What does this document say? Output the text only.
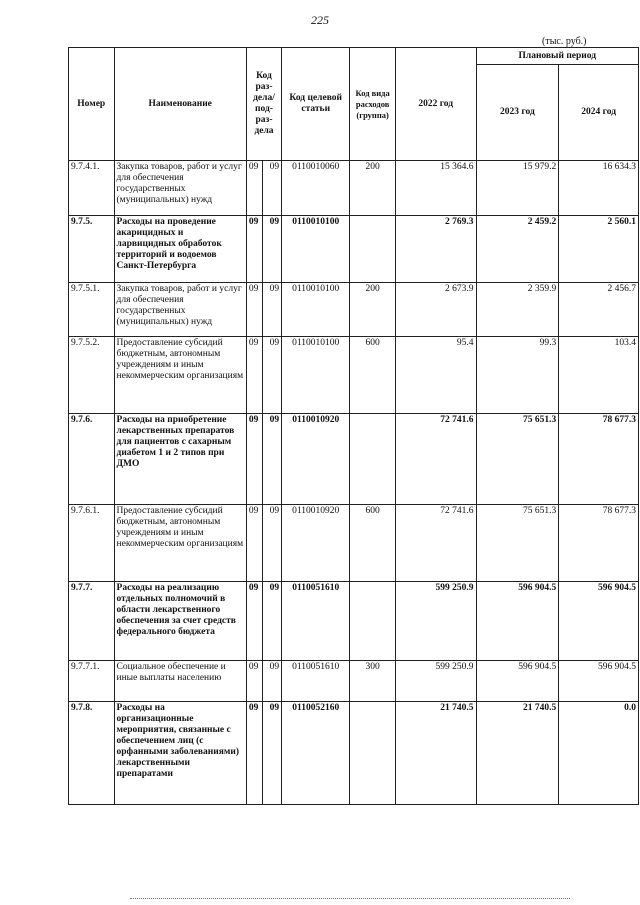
225
(тыс. руб.)
Номер	Наименование	Код раз-дела/ под-раз-дела		Код целевой статьи	Код вида расходов (группа)	2022 год	Плановый период	
							2023 год	2024 год
9.7.4.1.	Закупка товаров, работ и услуг для обеспечения государственных (муниципальных) нужд	09	09	0110010060	200	15 364.6	15 979.2	16 634.3
9.7.5.	Расходы на проведение акарицидных и ларвицидных обработок территорий и водоемов Санкт-Петербурга	09	09	0110010100		2 769.3	2 459.2	2 560.1
9.7.5.1.	Закупка товаров, работ и услуг для обеспечения государственных (муниципальных) нужд	09	09	0110010100	200	2 673.9	2 359.9	2 456.7
9.7.5.2.	Предоставление субсидий бюджетным, автономным учреждениям и иным некоммерческим организациям	09	09	0110010100	600	95.4	99.3	103.4
9.7.6.	Расходы на приобретение лекарственных препаратов для пациентов с сахарным диабетом 1 и 2 типов при ДМО	09	09	0110010920		72 741.6	75 651.3	78 677.3
9.7.6.1.	Предоставление субсидий бюджетным, автономным учреждениям и иным некоммерческим организациям	09	09	0110010920	600	72 741.6	75 651.3	78 677.3
9.7.7.	Расходы на реализацию отдельных полномочий в области лекарственного обеспечения за счет средств федерального бюджета	09	09	0110051610		599 250.9	596 904.5	596 904.5
9.7.7.1.	Социальное обеспечение и иные выплаты населению	09	09	0110051610	300	599 250.9	596 904.5	596 904.5
9.7.8.	Расходы на организационные мероприятия, связанные с обеспечением лиц (с орфанными заболеваниями) лекарственными препаратами	09	09	0110052160		21 740.5	21 740.5	0.0
